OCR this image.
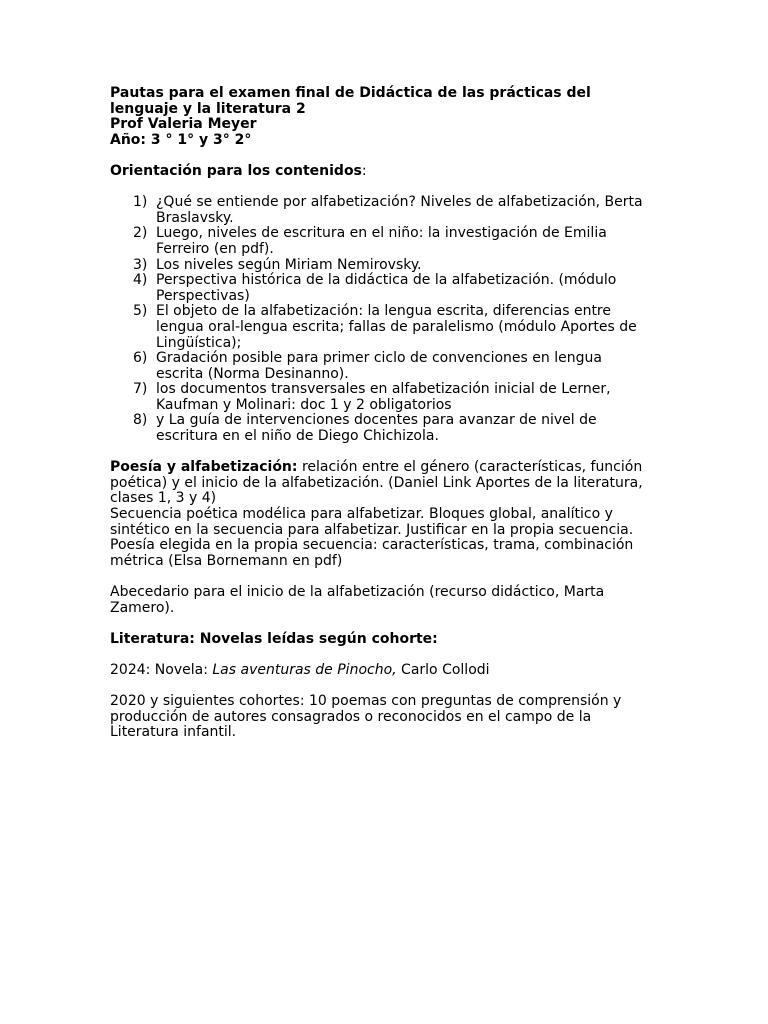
Pautas para el examen final de Didáctica de las prácticas del
lenguaje y la literatura 2
Prof Valeria Meyer
Año: 3 ° 1° y 3° 2°
Orientación para los contenidos:
1) ¿Qué se entiende por alfabetización? Niveles de alfabetización, Berta
Braslavsky.
2) Luego, niveles de escritura en el niño: la investigación de Emilia
Ferreiro (en pdf).
3) Los niveles según Miriam Nemirovsky.
4) Perspectiva histórica de la didáctica de la alfabetización. (módulo
Perspectivas)
5) El objeto de la alfabetización: la lengua escrita, diferencias entre
lengua oral-lengua escrita; fallas de paralelismo (módulo Aportes de
Lingüística);
6) Gradación posible para primer ciclo de convenciones en lengua
escrita (Norma Desinanno).
7) los documentos transversales en alfabetización inicial de Lerner,
Kaufman y Molinari: doc 1 y 2 obligatorios
8) y La guía de intervenciones docentes para avanzar de nivel de
escritura en el niño de Diego Chichizola.
Poesía y alfabetización: relación entre el género (características, función
poética) y el inicio de la alfabetización. (Daniel Link Aportes de la literatura,
clases 1, 3 y 4)
Secuencia poética modélica para alfabetizar. Bloques global, analítico y
sintético en la secuencia para alfabetizar. Justificar en la propia secuencia.
Poesía elegida en la propia secuencia: características, trama, combinación
métrica (Elsa Bornemann en pdf)
Abecedario para el inicio de la alfabetización (recurso didáctico, Marta
Zamero).
Literatura: Novelas leídas según cohorte:
2024: Novela: Las aventuras de Pinocho, Carlo Collodi
2020 y siguientes cohortes: 10 poemas con preguntas de comprensión y
producción de autores consagrados o reconocidos en el campo de la
Literatura infantil.
